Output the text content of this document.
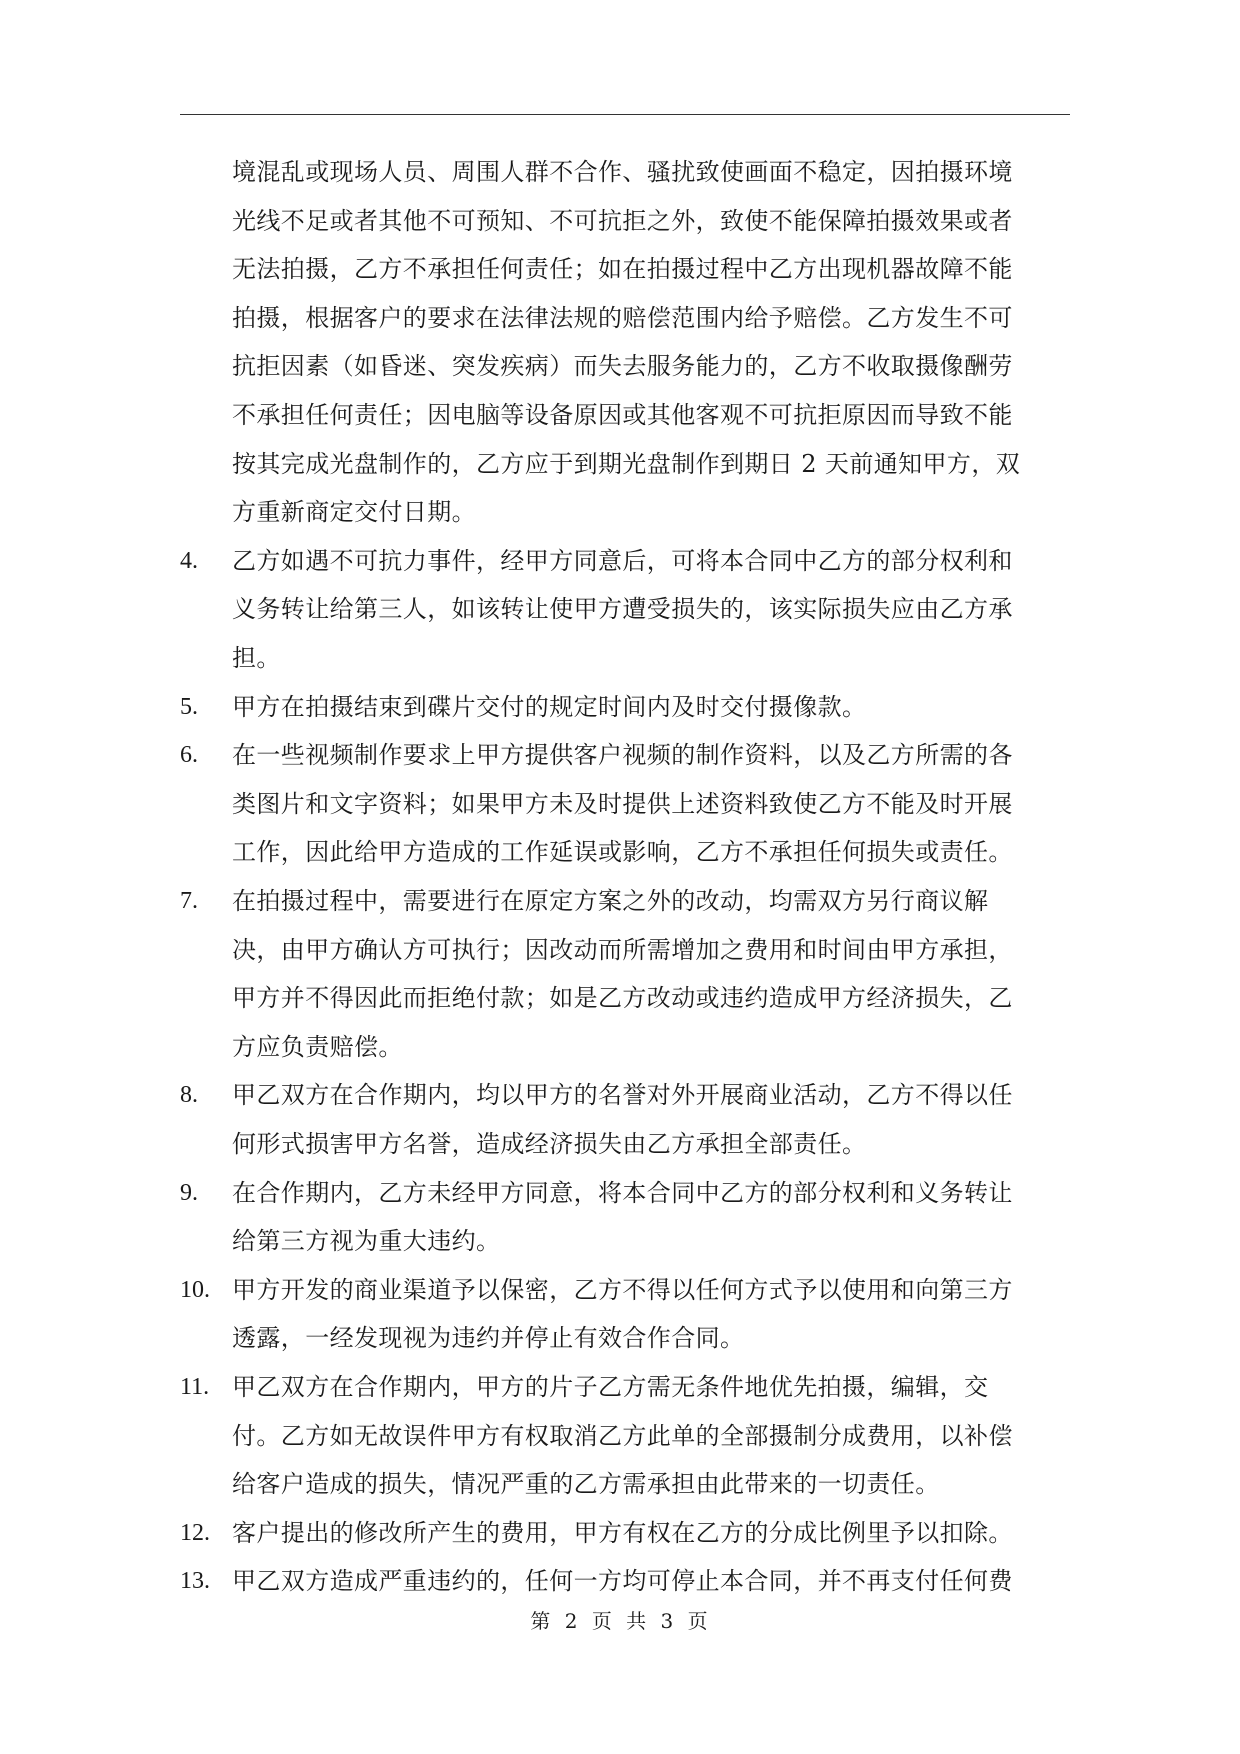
境混乱或现场人员、周围人群不合作、骚扰致使画面不稳定，因拍摄环境
光线不足或者其他不可预知、不可抗拒之外，致使不能保障拍摄效果或者
无法拍摄，乙方不承担任何责任；如在拍摄过程中乙方出现机器故障不能
拍摄，根据客户的要求在法律法规的赔偿范围内给予赔偿。乙方发生不可
抗拒因素（如昏迷、突发疾病）而失去服务能力的，乙方不收取摄像酬劳
不承担任何责任；因电脑等设备原因或其他客观不可抗拒原因而导致不能
按其完成光盘制作的，乙方应于到期光盘制作到期日 2 天前通知甲方，双
方重新商定交付日期。
4.	乙方如遇不可抗力事件，经甲方同意后，可将本合同中乙方的部分权利和
义务转让给第三人，如该转让使甲方遭受损失的，该实际损失应由乙方承
担。
5.	甲方在拍摄结束到碟片交付的规定时间内及时交付摄像款。
6.	在一些视频制作要求上甲方提供客户视频的制作资料，以及乙方所需的各
类图片和文字资料；如果甲方未及时提供上述资料致使乙方不能及时开展
工作，因此给甲方造成的工作延误或影响，乙方不承担任何损失或责任。
7.	在拍摄过程中，需要进行在原定方案之外的改动，均需双方另行商议解
决，由甲方确认方可执行；因改动而所需增加之费用和时间由甲方承担，
甲方并不得因此而拒绝付款；如是乙方改动或违约造成甲方经济损失，乙
方应负责赔偿。
8.	甲乙双方在合作期内，均以甲方的名誉对外开展商业活动，乙方不得以任
何形式损害甲方名誉，造成经济损失由乙方承担全部责任。
9.	在合作期内，乙方未经甲方同意，将本合同中乙方的部分权利和义务转让
给第三方视为重大违约。
10. 甲方开发的商业渠道予以保密，乙方不得以任何方式予以使用和向第三方
透露，一经发现视为违约并停止有效合作合同。
11. 甲乙双方在合作期内，甲方的片子乙方需无条件地优先拍摄，编辑，交
付。乙方如无故误件甲方有权取消乙方此单的全部摄制分成费用，以补偿
给客户造成的损失，情况严重的乙方需承担由此带来的一切责任。
12. 客户提出的修改所产生的费用，甲方有权在乙方的分成比例里予以扣除。
13. 甲乙双方造成严重违约的，任何一方均可停止本合同，并不再支付任何费
第 2 页 共 3 页
